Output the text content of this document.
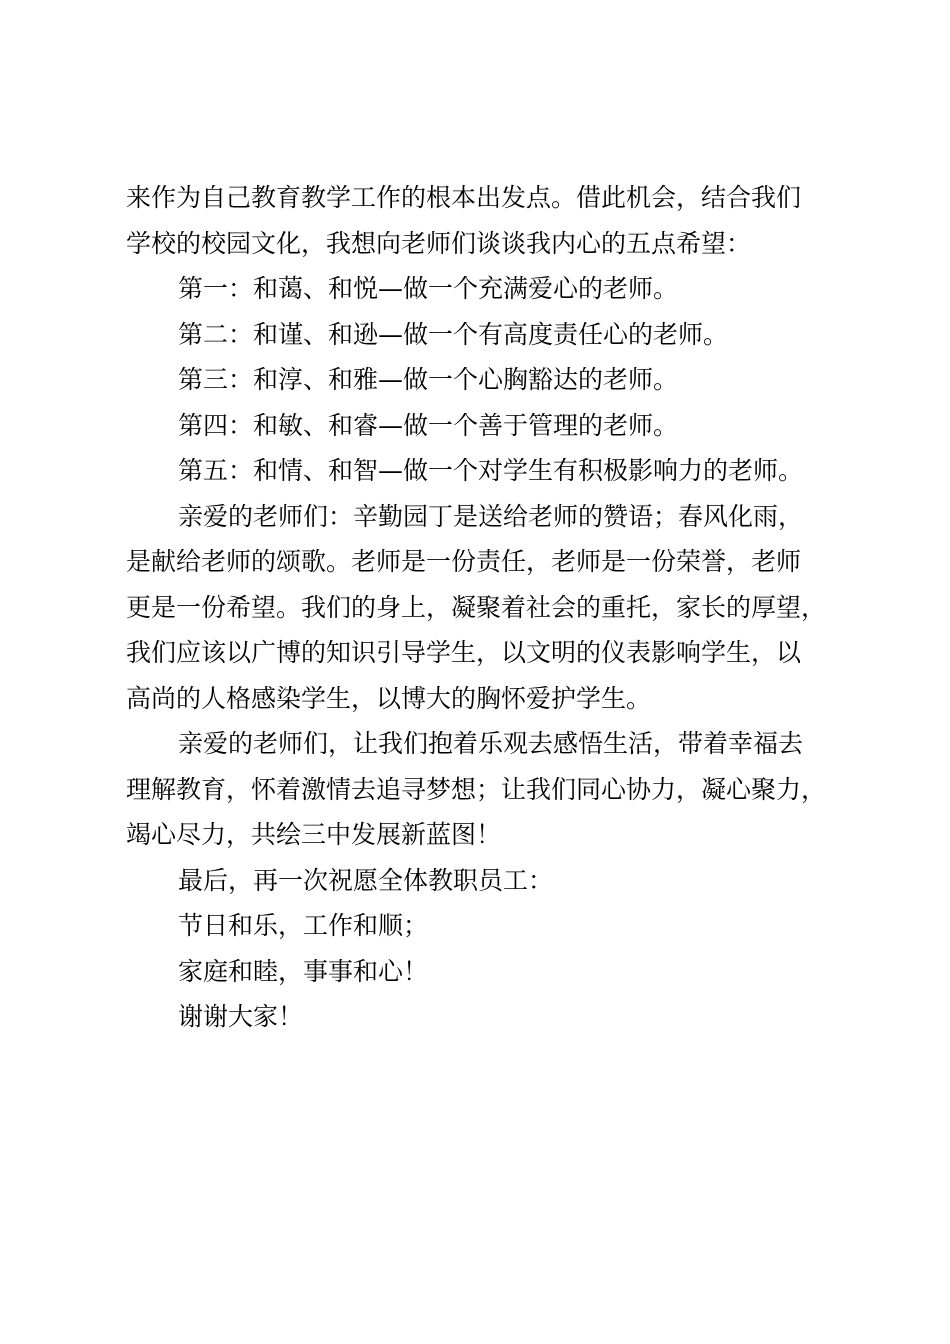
来作为自己教育教学工作的根本出发点。借此机会，结合我们
学校的校园文化，我想向老师们谈谈我内心的五点希望：
第一：和蔼、和悦—做一个充满爱心的老师。
第二：和谨、和逊—做一个有高度责任心的老师。
第三：和淳、和雅—做一个心胸豁达的老师。
第四：和敏、和睿—做一个善于管理的老师。
第五：和情、和智—做一个对学生有积极影响力的老师。
亲爱的老师们：辛勤园丁是送给老师的赞语；春风化雨，
是献给老师的颂歌。老师是一份责任，老师是一份荣誉，老师
更是一份希望。我们的身上，凝聚着社会的重托，家长的厚望，
我们应该以广博的知识引导学生，以文明的仪表影响学生，以
高尚的人格感染学生，以博大的胸怀爱护学生。
亲爱的老师们，让我们抱着乐观去感悟生活，带着幸福去
理解教育，怀着激情去追寻梦想；让我们同心协力，凝心聚力，
竭心尽力，共绘三中发展新蓝图！
最后，再一次祝愿全体教职员工：
节日和乐，工作和顺；
家庭和睦，事事和心！
谢谢大家！
